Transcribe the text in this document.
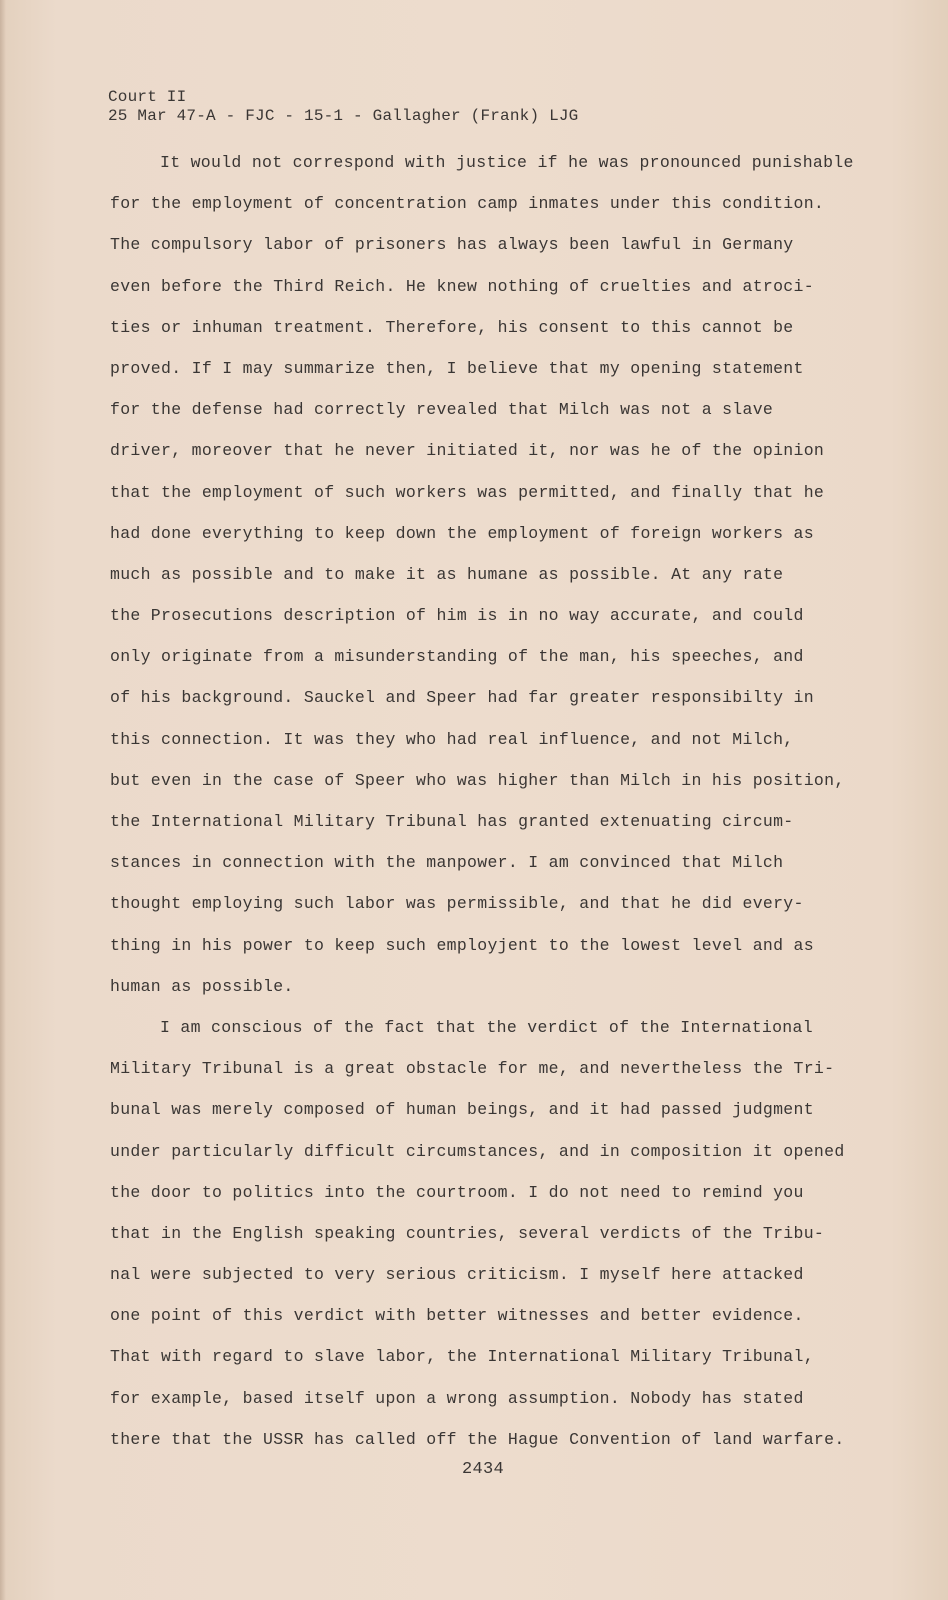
Court II
25 Mar 47-A - FJC - 15-1 - Gallagher (Frank) LJG
It would not correspond with justice if he was pronounced punishable
for the employment of concentration camp inmates under this condition.
The compulsory labor of prisoners has always been lawful in Germany
even before the Third Reich. He knew nothing of cruelties and atroci-
ties or inhuman treatment. Therefore, his consent to this cannot be
proved. If I may summarize then, I believe that my opening statement
for the defense had correctly revealed that Milch was not a slave
driver, moreover that he never initiated it, nor was he of the opinion
that the employment of such workers was permitted, and finally that he
had done everything to keep down the employment of foreign workers as
much as possible and to make it as humane as possible. At any rate
the Prosecutions description of him is in no way accurate, and could
only originate from a misunderstanding of the man, his speeches, and
of his background. Sauckel and Speer had far greater responsibilty in
this connection. It was they who had real influence, and not Milch,
but even in the case of Speer who was higher than Milch in his position,
the International Military Tribunal has granted extenuating circum-
stances in connection with the manpower. I am convinced that Milch
thought employing such labor was permissible, and that he did every-
thing in his power to keep such employjent to the lowest level and as
human as possible.
I am conscious of the fact that the verdict of the International
Military Tribunal is a great obstacle for me, and nevertheless the Tri-
bunal was merely composed of human beings, and it had passed judgment
under particularly difficult circumstances, and in composition it opened
the door to politics into the courtroom. I do not need to remind you
that in the English speaking countries, several verdicts of the Tribu-
nal were subjected to very serious criticism. I myself here attacked
one point of this verdict with better witnesses and better evidence.
That with regard to slave labor, the International Military Tribunal,
for example, based itself upon a wrong assumption. Nobody has stated
there that the USSR has called off the Hague Convention of land warfare.
2434
